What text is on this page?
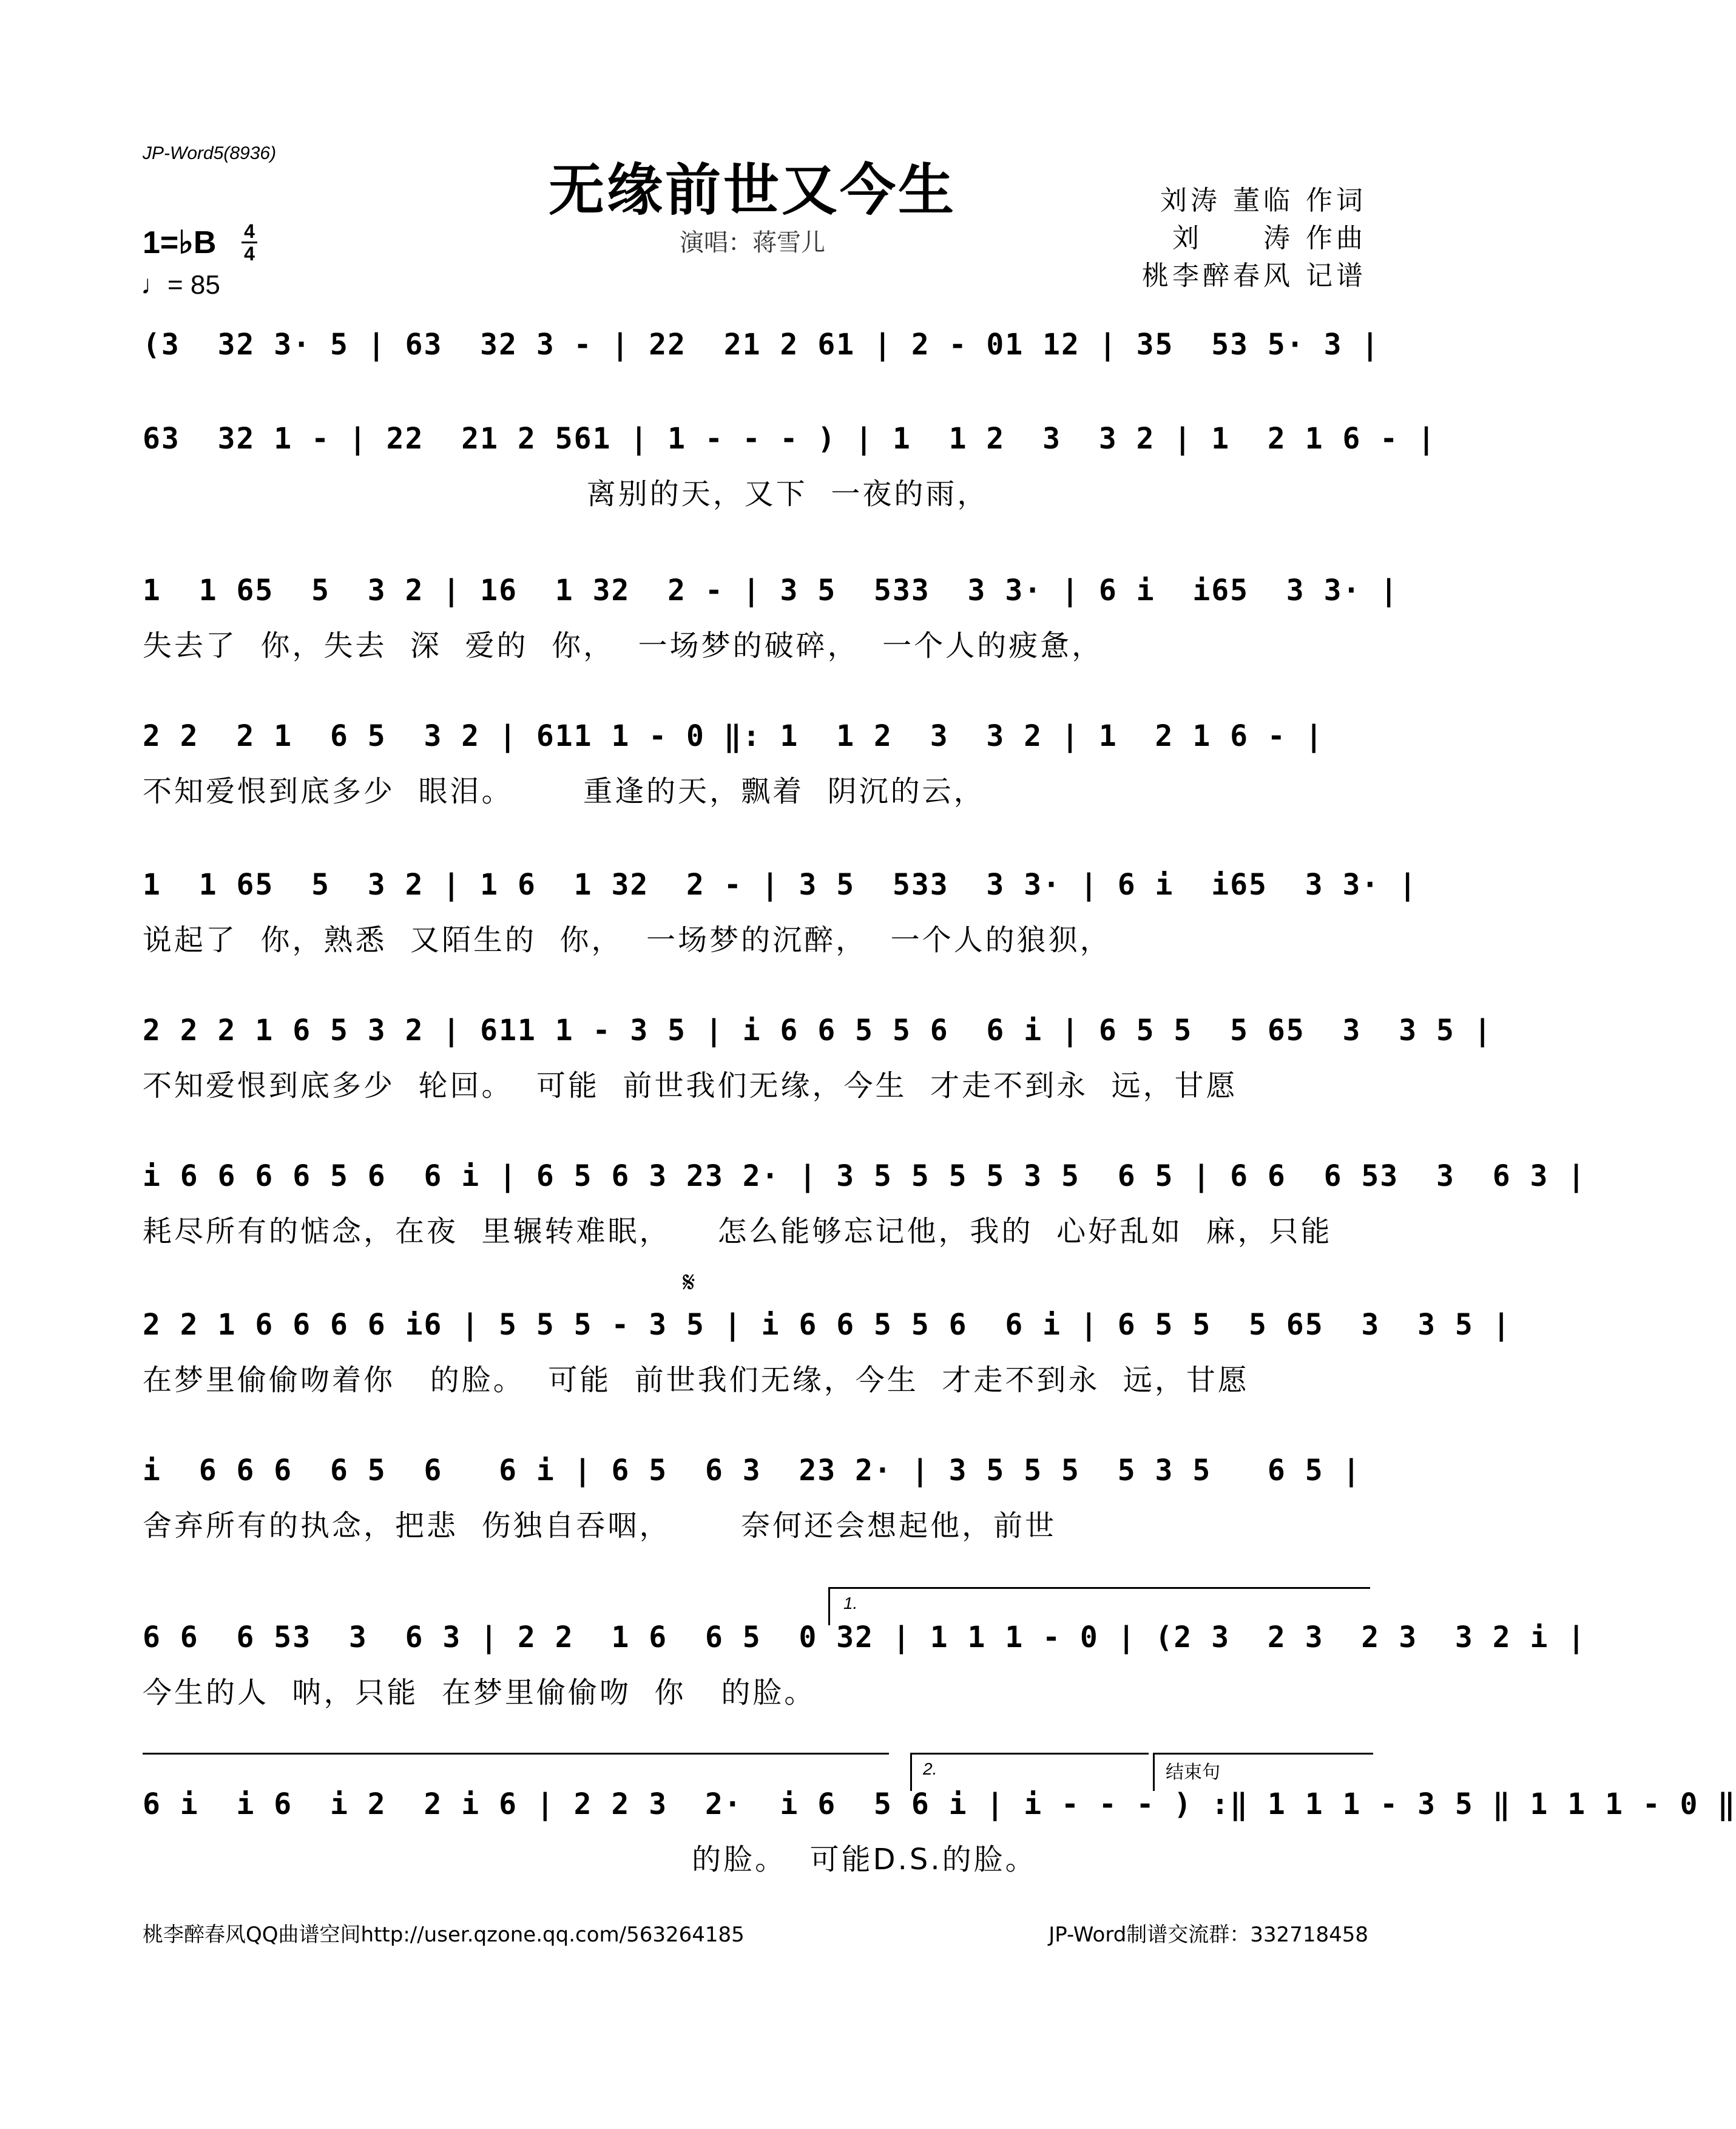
JP-Word5(8936)
无缘前世又今生
演唱：蒋雪儿
刘涛 董临 作词
刘　　涛 作曲
桃李醉春风 记谱
1=♭B 4
4
♩= 85
(3  32 3· 5 | 63  32 3 - | 22  21 2 61 | 2 - 01 12 | 35  53 5· 3 |
63  32 1 - | 22  21 2 561 | 1 - - - ) | 1  1 2  3  3 2 | 1  2 1 6 - |
离别的天，又下  一夜的雨，
1  1 65  5  3 2 | 16  1 32  2 - | 3 5  533  3 3· | 6 i  i65  3 3· |
失去了  你，失去  深  爱的  你，  一场梦的破碎，  一个人的疲惫，
2 2  2 1  6 5  3 2 | 611 1 - 0 ‖: 1  1 2  3  3 2 | 1  2 1 6 - |
不知爱恨到底多少  眼泪。      重逢的天，飘着  阴沉的云，
1  1 65  5  3 2 | 1 6  1 32  2 - | 3 5  533  3 3· | 6 i  i65  3 3· |
说起了  你，熟悉  又陌生的  你，  一场梦的沉醉，  一个人的狼狈，
2 2 2 1 6 5 3 2 | 611 1 - 3 5 | i 6 6 5 5 6  6 i | 6 5 5  5 65  3  3 5 |
不知爱恨到底多少  轮回。  可能  前世我们无缘，今生  才走不到永  远，甘愿
i 6 6 6 6 5 6  6 i | 6 5 6 3 23 2· | 3 5 5 5 5 3 5  6 5 | 6 6  6 53  3  6 3 |
耗尽所有的惦念，在夜  里辗转难眠，    怎么能够忘记他，我的  心好乱如  麻，只能
𝄋
2 2 1 6 6 6 6 i6 | 5 5 5 - 3 5 | i 6 6 5 5 6  6 i | 6 5 5  5 65  3  3 5 |
在梦里偷偷吻着你   的脸。  可能  前世我们无缘，今生  才走不到永  远，甘愿
i  6 6 6  6 5  6   6 i | 6 5  6 3  23 2· | 3 5 5 5  5 3 5   6 5 |
舍弃所有的执念，把悲  伤独自吞咽，      奈何还会想起他，前世
1.
6 6  6 53  3  6 3 | 2 2  1 6  6 5  0 32 | 1 1 1 - 0 | (2 3  2 3  2 3  3 2 i |
今生的人  呐，只能  在梦里偷偷吻  你   的脸。
2.	结束句
6 i  i 6  i 2  2 i 6 | 2 2 3  2·  i 6  5 6 i | i - - - ) :‖ 1 1 1 - 3 5 ‖ 1 1 1 - 0 ‖
的脸。  可能D.S.的脸。
桃李醉春风QQ曲谱空间http://user.qzone.qq.com/563264185	JP-Word制谱交流群：332718458
